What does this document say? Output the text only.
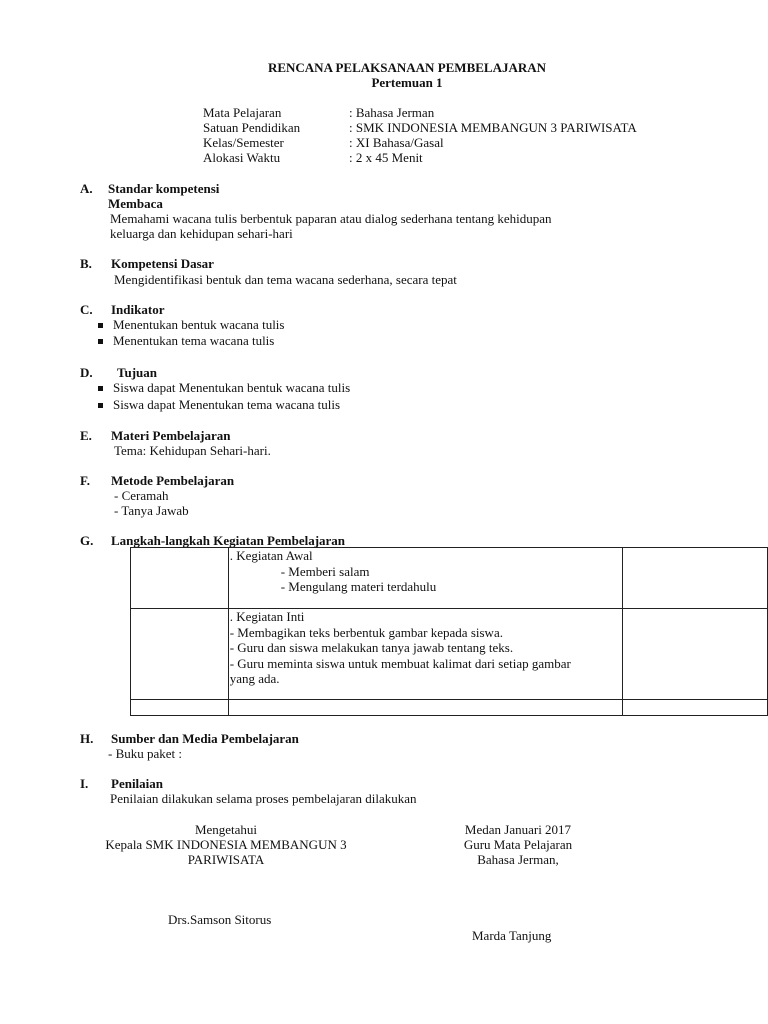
RENCANA PELAKSANAAN PEMBELAJARAN
Pertemuan 1
Mata Pelajaran	: Bahasa Jerman
Satuan Pendidikan	: SMK INDONESIA MEMBANGUN 3 PARIWISATA
Kelas/Semester	: XI Bahasa/Gasal
Alokasi Waktu	: 2 x 45 Menit
A. Standar kompetensi
Membaca
Memahami wacana tulis berbentuk paparan atau dialog sederhana tentang kehidupan
keluarga dan kehidupan sehari-hari
B. Kompetensi Dasar
Mengidentifikasi bentuk dan tema wacana sederhana, secara tepat
C. Indikator
Menentukan bentuk wacana tulis
Menentukan tema wacana tulis
D. Tujuan
Siswa dapat Menentukan bentuk wacana tulis
Siswa dapat Menentukan tema wacana tulis
E. Materi Pembelajaran
Tema: Kehidupan Sehari-hari.
F. Metode Pembelajaran
- Ceramah
- Tanya Jawab
G. Langkah-langkah Kegiatan Pembelajaran

	. Kegiatan Awal
- Memberi salam
- Mengulang materi terdahulu	

	. Kegiatan Inti
- Membagikan teks berbentuk gambar kepada siswa.
- Guru dan siswa melakukan tanya jawab tentang teks.
- Guru meminta siswa untuk membuat kalimat dari setiap gambar
yang ada.	

H. Sumber dan Media Pembelajaran
- Buku paket :
I. Penilaian
Penilaian dilakukan selama proses pembelajaran dilakukan
Mengetahui
Kepala SMK INDONESIA MEMBANGUN 3
PARIWISATA
Drs.Samson Sitorus
Medan Januari 2017
Guru Mata Pelajaran
Bahasa Jerman,
Marda Tanjung
